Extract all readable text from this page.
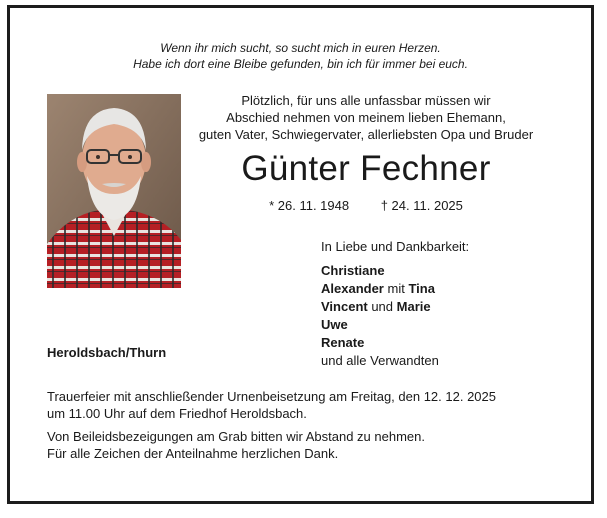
Wenn ihr mich sucht, so sucht mich in euren Herzen.
Habe ich dort eine Bleibe gefunden, bin ich für immer bei euch.
Plötzlich, für uns alle unfassbar müssen wir
Abschied nehmen von meinem lieben Ehemann,
guten Vater, Schwiegervater, allerliebsten Opa und Bruder
Günter Fechner
* 26. 11. 1948 † 24. 11. 2025
In Liebe und Dankbarkeit:
Christiane
Alexander mit Tina
Vincent und Marie
Uwe
Renate
und alle Verwandten
Heroldsbach/Thurn

Trauerfeier mit anschließender Urnenbeisetzung am Freitag, den 12. 12. 2025
um 11.00 Uhr auf dem Friedhof Heroldsbach.

Von Beileidsbezeigungen am Grab bitten wir Abstand zu nehmen.
Für alle Zeichen der Anteilnahme herzlichen Dank.
